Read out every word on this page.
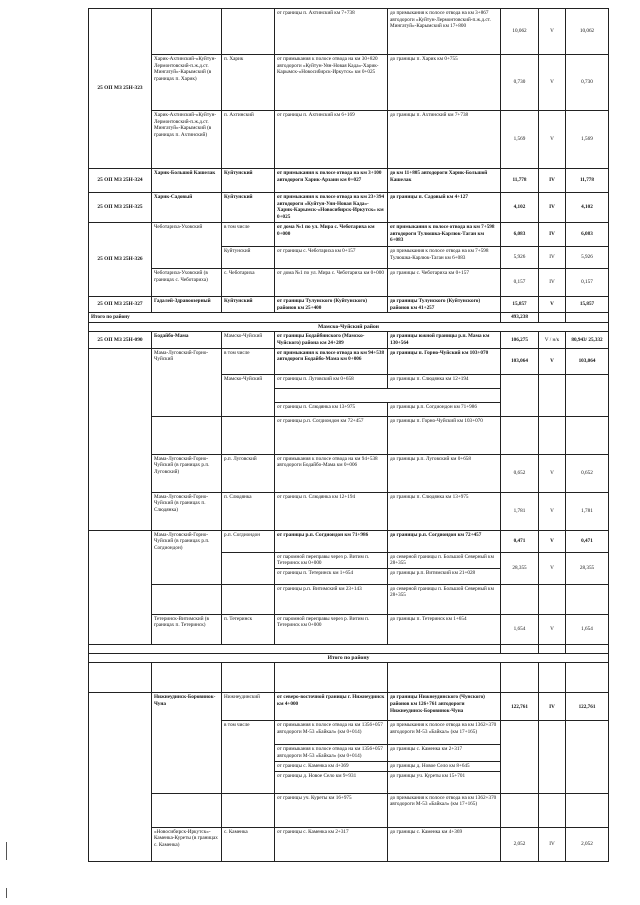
25 ОП МЗ 25Н-323			от границы п. Ахтинский км 7+738	до примыкания к полосе отвода на км 3+867 автодороги «Куйтун-Лермонтовский-п.ж.д.ст. Мингатуй»-Карымский км 17+800	10,062	V	10,062
	Харик-Ахтинский-«Куйтун-Лермонтовский-п.ж.д.ст. Мингатуй»-Карымский (в границах п. Харик)	п. Харик	от примыкания к полосе отвода на км 30+820 автодороги «Куйтун-Уян-Новая Када»-Харик-Карымск-«Новосибирск-Иркутск» км 0+025	до границы п. Харик км 0+755	0,730	V	0,730
	Харик-Ахтинский-«Куйтун-Лермонтовский-п.ж.д.ст. Мингатуй»-Карымский (в границах п. Ахтинский)	п. Ахтинский	от границы п. Ахтинский км 6+169	до границы п. Ахтинский км 7+738	1,569	V	1,569
25 ОП МЗ 25Н-324	Харик-Большой Кашелак	Куйтунский	от примыкания к полосе отвода на км 3+100 автодороги Харик-Арзаин км 0+027	до км 11+805 автодороги Харик-Большой Кашелак	11,778	IV	11,778
25 ОП МЗ 25Н-325	Харик-Садовый	Куйтунский	от примыкания к полосе отвода на км 23+394 автодороги «Куйтун-Уян-Новая Када»-Харик-Карымск-«Новосибирск-Иркутск» км 0+025	до границы п. Садовый км 4+127	4,102	IV	4,102
25 ОП МЗ 25Н-326	Чеботариха-Уховский	в том числе	от дома №1 по ул. Мира с. Чеботариха км 0+000	от примыкания к полосе отвода на км 7+598 автодороги Тулюшка-Карлюк-Таган км 6+083	6,083	IV	6,083
		Куйтунский	от границы с. Чеботариха км 0+157	до примыкания к полосе отвода на км 7+598 Тулюшка-Карлюк-Таган км 6+083	5,926	IV	5,926
	Чеботариха-Уховский (в границах с. Чеботариха)	с. Чеботариха	от дома №1 по ул. Мира с. Чеботариха км 0+000	до границы с. Чеботариха км 0+157	0,157	IV	0,157
25 ОП МЗ 25Н-327	Гадалей-Здравоозерный	Куйтунский	от границы Тулунского (Куйтунского) районов км 25+400	до границы Тулунского (Куйтунского) районов км 41+257	15,857	V	15,857
Итого по району					493,238		
Мамско-Чуйский район							
25 ОП МЗ 25Н-090	Бодайбо-Мама	Мамско-Чуйский	от границы Бодайбинского (Мамско-Чуйского) района км 24+289	до границы южной границы р.п. Мама км 130+564	106,275	V / н/к	80,943/ 25,332
	Мама-Луговский-Горно-Чуйский	в том числе	от примыкания к полосе отвода на км 94+538 автодороги Бодайбо-Мама км 0+006	до границы п. Горно-Чуйский км 103+070	103,064	V	103,064
		Мамско-Чуйский	от границы п. Луговский км 0+658	до границы п. Слюдянка км 12+194			

			от границы п. Слюдянка км 13+975	до границы р.п. Согдиондон км 71+986			
			от границы р.п. Согдиондон км 72+457	до границы п. Горно-Чуйский км 103+070			
	Мама-Луговский-Горно-Чуйский (в границах р.п. Луговский)	р.п. Луговский	от примыкания к полосе отвода на км 94+538 автодороги Бодайбо-Мама км 0+006	до границы р.п. Луговский км 0+658	0,652	V	0,652
	Мама-Луговский-Горно-Чуйский (в границах п. Слюдянка)	п. Слюдянка	от границы п. Слюдянка км 12+194	до границы п. Слюдянка км 13+975	1,781	V	1,781
	Мама-Луговский-Горно-Чуйский (в границах р.п. Согдиондон)	р.п. Согдиондон	от границы р.п. Согдиондон км 71+986	до границы р.п. Согдиондон км 72+457	0,471	V	0,471
			от паромной переправы через р. Витим п. Тетеринск км 0+000	до северной границы п. Большой Северный км 28+355	28,355	V	28,355
			от границы п. Тетеринск км 1+654	до границы р.п. Витимский км 21+028			
			от границы р.п. Витимский км 23+143	до северной границы п. Большой Северный км 28+355			
	Тетеринск-Витимский (в границах п. Тетеринск)	п. Тетеринск	от паромной переправы через р. Витим п. Тетеринск км 0+000	до границы п. Тетеринск км 1+654	1,654	V	1,654

Итого по району							

	Нижнеудинск-Боровинок-Чуна	Нижнеудинский	от северо-восточной границы г. Нижнеудинск км 4+000	до границы Нижнеудинского (Чунского) районов км 126+761 автодороги Нижнеудинск-Боровинок-Чуна	122,761	IV	122,761
		в том числе	от примыкания к полосе отвода на км 1356+057 автодороги М-53 «Байкал» (км 0+014)	до примыкания к полосе отвода на км 1362+370 автодороги М-53 «Байкал» (км 17+165)			
			от примыкания к полосе отвода на км 1356+057 автодороги М-53 «Байкал» (км 0+014)	до границы с. Каменка км 2+317			
			от границы с. Каменка км 4+369	до границы д. Новое Село км 8+645			
			от границы д. Новое Село км 9+931	до границы уч. Куреты км 15+701			
			от границы уч. Куреты км 16+975	до примыкания к полосе отвода на км 1362+370 автодороги М-53 «Байкал» (км 17+165)			
	«Новосибирск-Иркутск»-Каменка-Куреты (в границах с. Каменка)	с. Каменка	от границы с. Каменка км 2+317	до границы с. Каменка км 4+369	2,052	IV	2,052
